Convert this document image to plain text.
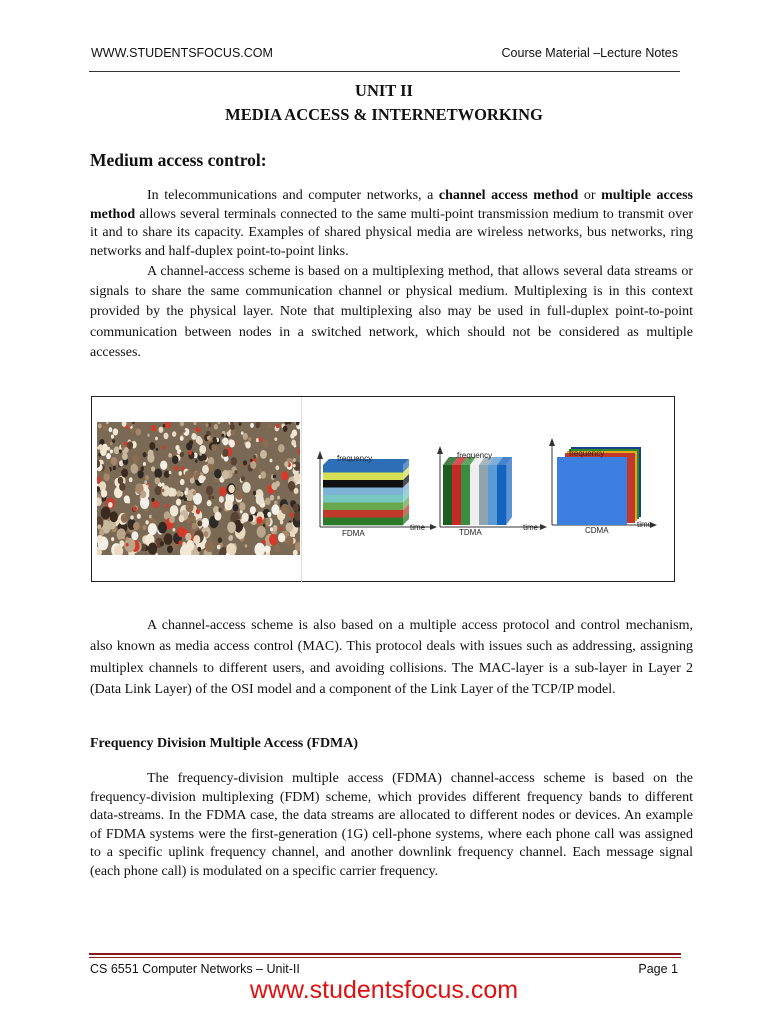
WWW.STUDENTSFOCUS.COM	Course Material –Lecture Notes
UNIT II
MEDIA ACCESS & INTERNETWORKING
Medium access control:

In telecommunications and computer networks, a channel access method or multiple access method allows several terminals connected to the same multi-point transmission medium to transmit over it and to share its capacity. Examples of shared physical media are wireless networks, bus networks, ring networks and half-duplex point-to-point links.

A channel-access scheme is based on a multiplexing method, that allows several data streams or signals to share the same communication channel or physical medium. Multiplexing is in this context provided by the physical layer. Note that multiplexing also may be used in full-duplex point-to-point communication between nodes in a switched network, which should not be considered as multiple accesses.

frequency
time
FDMA
frequency
time
TDMA
frequency
time
CDMA

A channel-access scheme is also based on a multiple access protocol and control mechanism, also known as media access control (MAC). This protocol deals with issues such as addressing, assigning multiplex channels to different users, and avoiding collisions. The MAC-layer is a sub-layer in Layer 2 (Data Link Layer) of the OSI model and a component of the Link Layer of the TCP/IP model.

Frequency Division Multiple Access (FDMA)

The frequency-division multiple access (FDMA) channel-access scheme is based on the frequency-division multiplexing (FDM) scheme, which provides different frequency bands to different data-streams. In the FDMA case, the data streams are allocated to different nodes or devices. An example of FDMA systems were the first-generation (1G) cell-phone systems, where each phone call was assigned to a specific uplink frequency channel, and another downlink frequency channel. Each message signal (each phone call) is modulated on a specific carrier frequency.

CS 6551 Computer Networks – Unit-II	Page 1
www.studentsfocus.com
